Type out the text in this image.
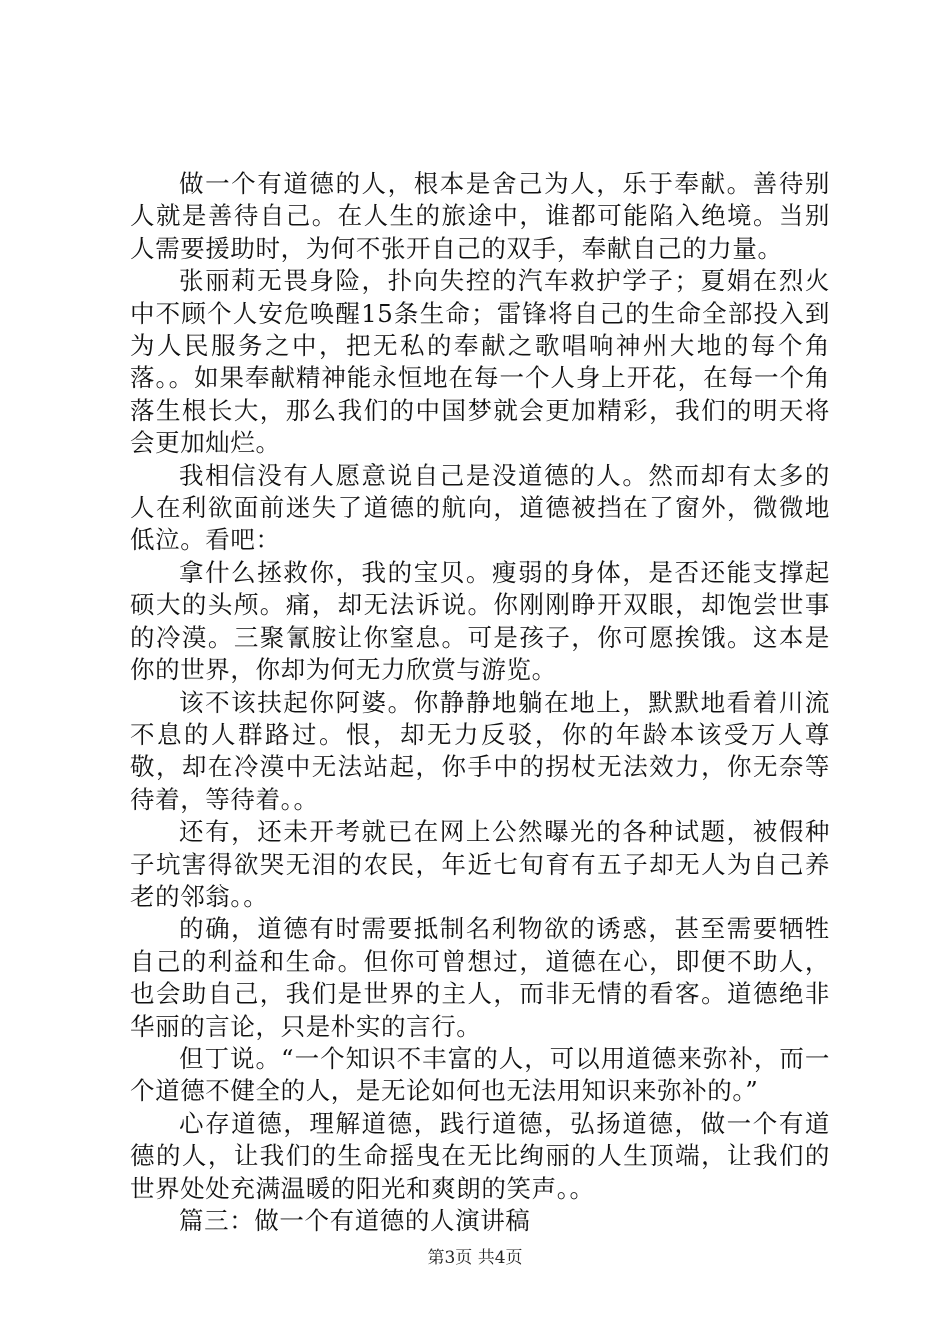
做一个有道德的人，根本是舍己为人，乐于奉献。善待别人就是善待自己。在人生的旅途中，谁都可能陷入绝境。当别人需要援助时，为何不张开自己的双手，奉献自己的力量。

张丽莉无畏身险，扑向失控的汽车救护学子；夏娟在烈火中不顾个人安危唤醒15条生命；雷锋将自己的生命全部投入到为人民服务之中，把无私的奉献之歌唱响神州大地的每个角落。。如果奉献精神能永恒地在每一个人身上开花，在每一个角落生根长大，那么我们的中国梦就会更加精彩，我们的明天将会更加灿烂。

我相信没有人愿意说自己是没道德的人。然而却有太多的人在利欲面前迷失了道德的航向，道德被挡在了窗外，微微地低泣。看吧：

拿什么拯救你，我的宝贝。瘦弱的身体，是否还能支撑起硕大的头颅。痛，却无法诉说。你刚刚睁开双眼，却饱尝世事的冷漠。三聚氰胺让你窒息。可是孩子，你可愿挨饿。这本是你的世界，你却为何无力欣赏与游览。

该不该扶起你阿婆。你静静地躺在地上，默默地看着川流不息的人群路过。恨，却无力反驳，你的年龄本该受万人尊敬，却在冷漠中无法站起，你手中的拐杖无法效力，你无奈等待着，等待着。。

还有，还未开考就已在网上公然曝光的各种试题，被假种子坑害得欲哭无泪的农民，年近七旬育有五子却无人为自己养老的邻翁。。

的确，道德有时需要抵制名利物欲的诱惑，甚至需要牺牲自己的利益和生命。但你可曾想过，道德在心，即便不助人，也会助自己，我们是世界的主人，而非无情的看客。道德绝非华丽的言论，只是朴实的言行。

但丁说。“一个知识不丰富的人，可以用道德来弥补，而一个道德不健全的人，是无论如何也无法用知识来弥补的。”

心存道德，理解道德，践行道德，弘扬道德，做一个有道德的人，让我们的生命摇曳在无比绚丽的人生顶端，让我们的世界处处充满温暖的阳光和爽朗的笑声。。

篇三：做一个有道德的人演讲稿

第3页 共4页
